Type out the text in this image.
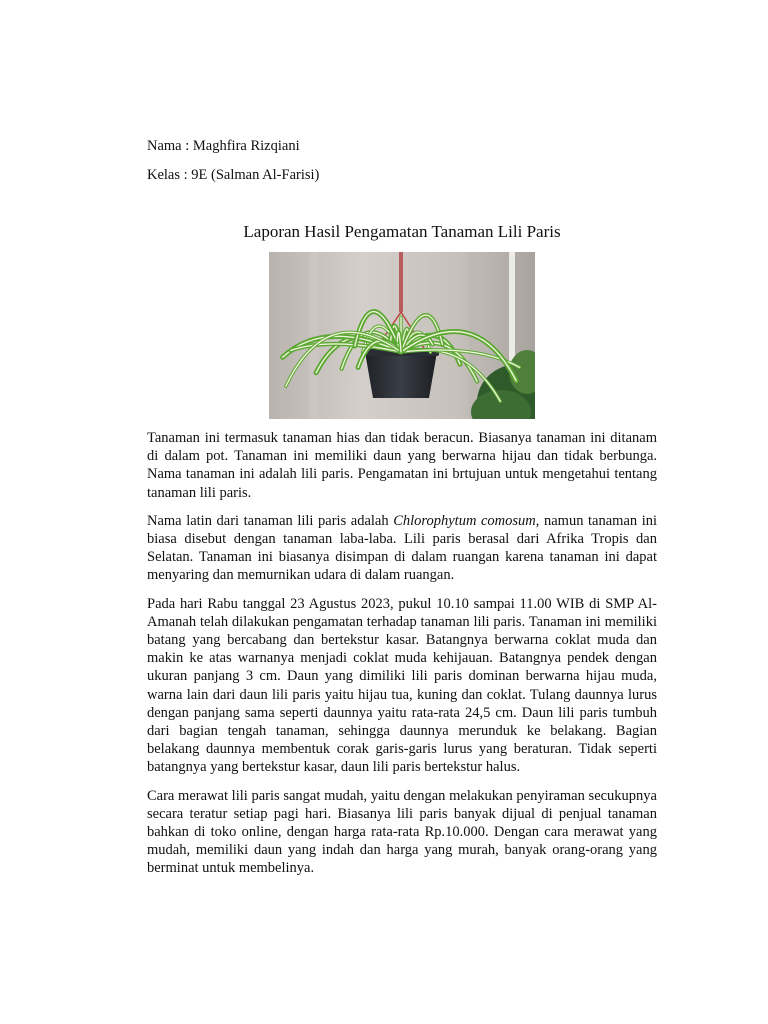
Nama : Maghfira Rizqiani
Kelas : 9E (Salman Al-Farisi)
Laporan Hasil Pengamatan Tanaman Lili Paris

Tanaman ini termasuk tanaman hias dan tidak beracun. Biasanya tanaman ini ditanam di dalam pot. Tanaman ini memiliki daun yang berwarna hijau dan tidak berbunga. Nama tanaman ini adalah lili paris. Pengamatan ini brtujuan untuk mengetahui tentang tanaman lili paris.

Nama latin dari tanaman lili paris adalah Chlorophytum comosum, namun tanaman ini biasa disebut dengan tanaman laba-laba. Lili paris berasal dari Afrika Tropis dan Selatan. Tanaman ini biasanya disimpan di dalam ruangan karena tanaman ini dapat menyaring dan memurnikan udara di dalam ruangan.

Pada hari Rabu tanggal 23 Agustus 2023, pukul 10.10 sampai 11.00 WIB di SMP Al-Amanah telah dilakukan pengamatan terhadap tanaman lili paris. Tanaman ini memiliki batang yang bercabang dan bertekstur kasar. Batangnya berwarna coklat muda dan makin ke atas warnanya menjadi coklat muda kehijauan. Batangnya pendek dengan ukuran panjang 3 cm. Daun yang dimiliki lili paris dominan berwarna hijau muda, warna lain dari daun lili paris yaitu hijau tua, kuning dan coklat. Tulang daunnya lurus dengan panjang sama seperti daunnya yaitu rata-rata 24,5 cm. Daun lili paris tumbuh dari bagian tengah tanaman, sehingga daunnya merunduk ke belakang. Bagian belakang daunnya membentuk corak garis-garis lurus yang beraturan. Tidak seperti batangnya yang bertekstur kasar, daun lili paris bertekstur halus.

Cara merawat lili paris sangat mudah, yaitu dengan melakukan penyiraman secukupnya secara teratur setiap pagi hari. Biasanya lili paris banyak dijual di penjual tanaman bahkan di toko online, dengan harga rata-rata Rp.10.000. Dengan cara merawat yang mudah, memiliki daun yang indah dan harga yang murah, banyak orang-orang yang berminat untuk membelinya.
